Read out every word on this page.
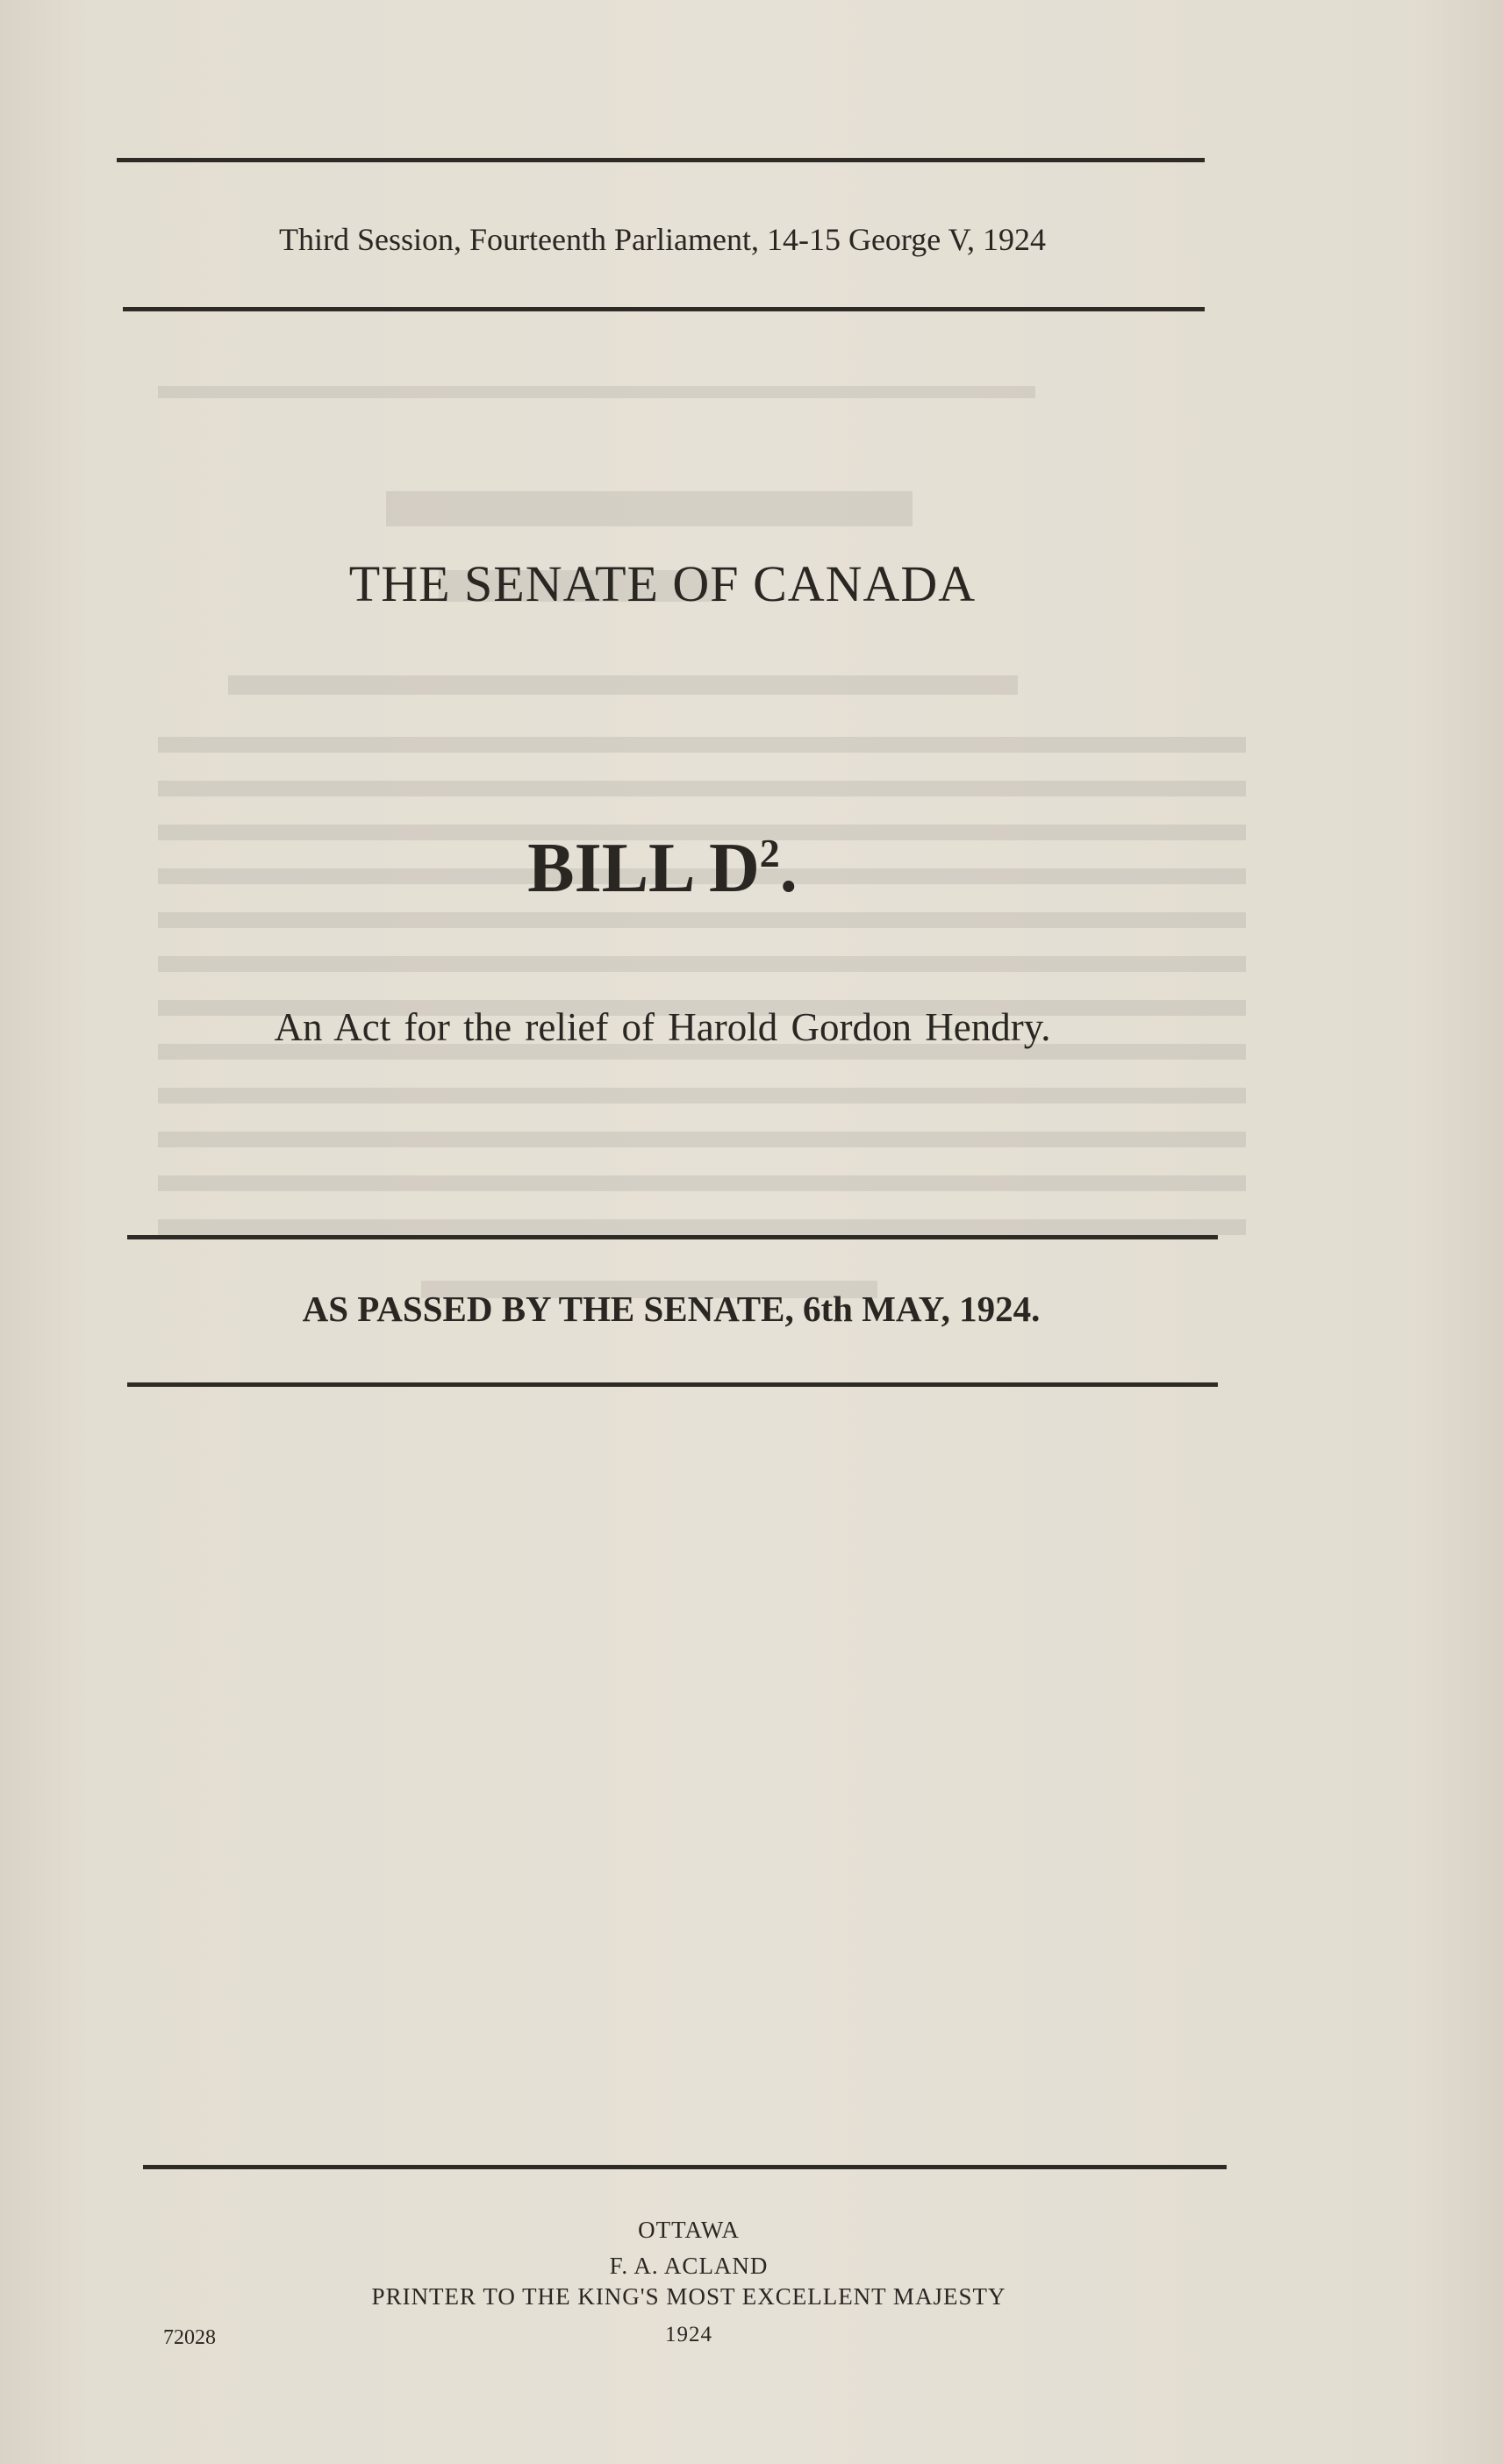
Third Session, Fourteenth Parliament, 14-15 George V, 1924
THE SENATE OF CANADA
BILL $D^2$.
An Act for the relief of Harold Gordon Hendry.
AS PASSED BY THE SENATE, 6th MAY, 1924.
OTTAWA
F. A. ACLAND
PRINTER TO THE KING'S MOST EXCELLENT MAJESTY
1924
72028
